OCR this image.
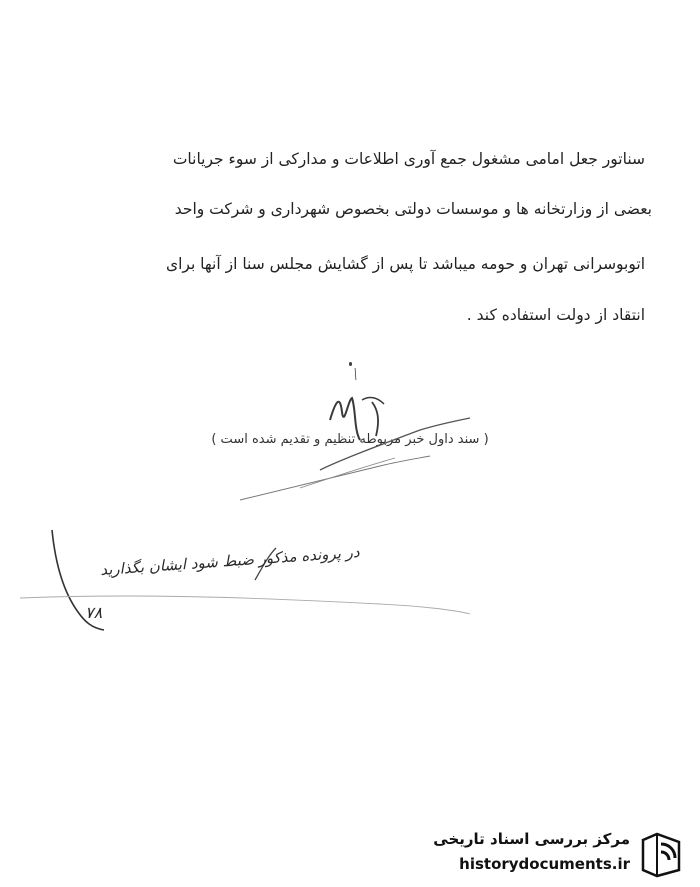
سناتور جعل امامی مشغول جمع آوری اطلاعات و مدارکی از سوء جریانات
بعضی از وزارتخانه ها و موسسات دولتی بخصوص شهرداری و شرکت واحد
اتوبوسرانی تهران و حومه میباشد تا پس از گشایش مجلس سنا از آنها برای
انتقاد از دولت استفاده کند .
( سند داول خبر مربوطه تنظیم و تقدیم شده است )
در پرونده مذکور ضبط شود ایشان بگذارید
۷۸
مرکز بررسی اسناد تاریخی
historydocuments.ir
